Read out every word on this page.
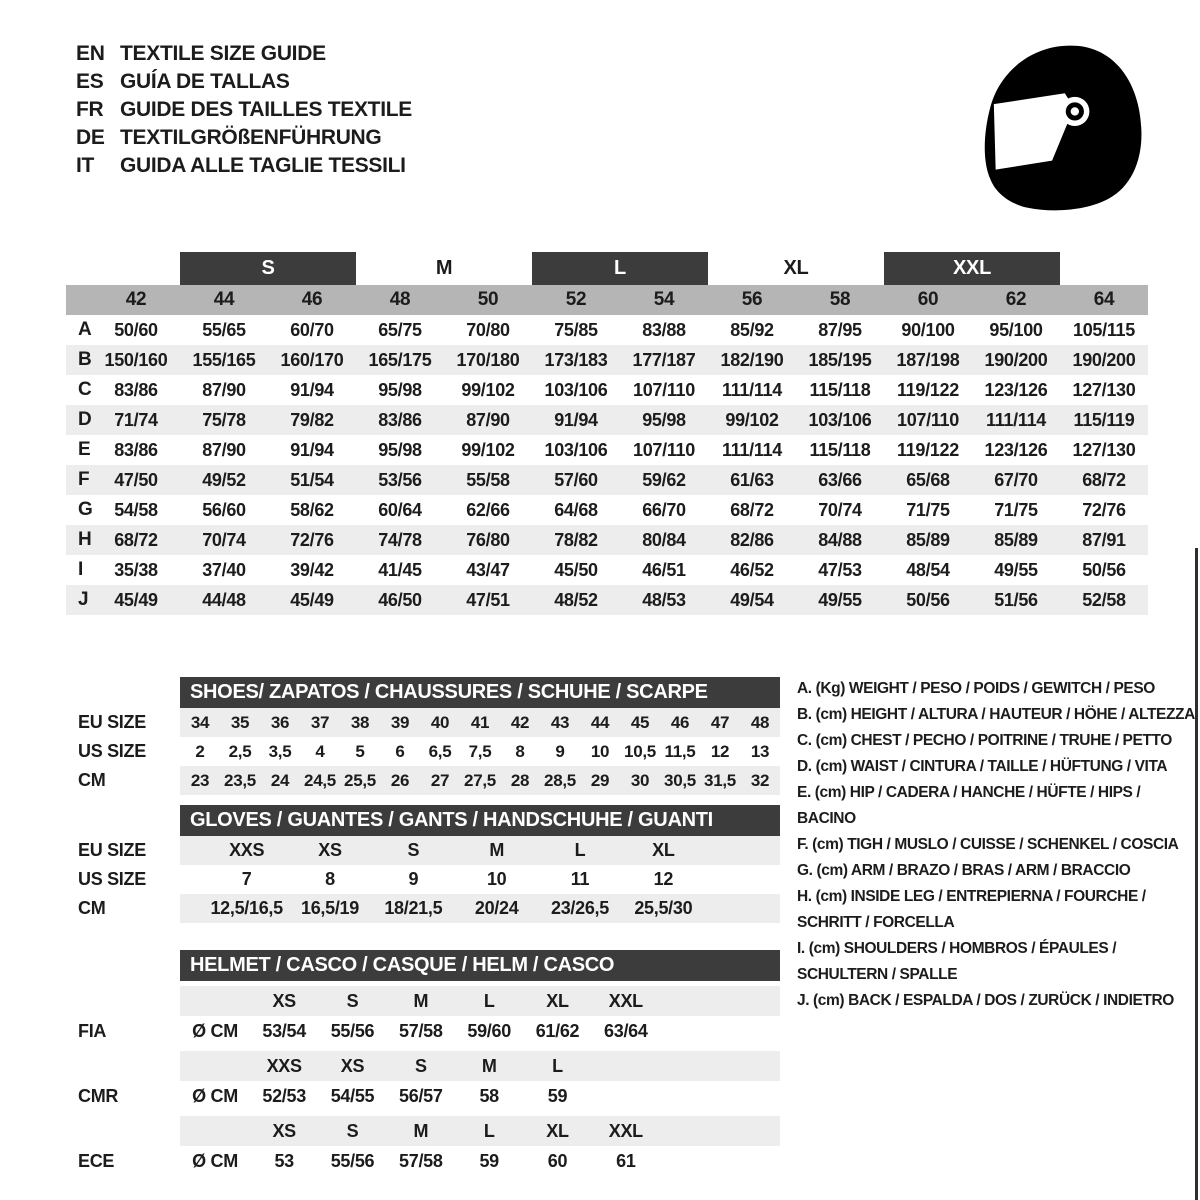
EN TEXTILE SIZE GUIDE
ES GUÍA DE TALLAS
FR GUIDE DES TAILLES TEXTILE
DE TEXTILGRÖßENFÜHRUNG
IT	GUIDA ALLE TAGLIE TESSILI
S	M	L	XL	XXL
42	44	46	48	50	52	54	56	58	60	62	64
A	50/60	55/65	60/70	65/75	70/80	75/85	83/88	85/92	87/95	90/100	95/100	105/115
B 150/160	155/165	160/170	165/175	170/180	173/183	177/187	182/190	185/195	187/198	190/200	190/200
C	83/86	87/90	91/94	95/98	99/102	103/106	107/110	111/114	115/118	119/122	123/126	127/130
D	71/74	75/78	79/82	83/86	87/90	91/94	95/98	99/102	103/106	107/110	111/114	115/119
E	83/86	87/90	91/94	95/98	99/102	103/106	107/110	111/114	115/118	119/122	123/126	127/130
F	47/50	49/52	51/54	53/56	55/58	57/60	59/62	61/63	63/66	65/68	67/70	68/72
G	54/58	56/60	58/62	60/64	62/66	64/68	66/70	68/72	70/74	71/75	71/75	72/76
H	68/72	70/74	72/76	74/78	76/80	78/82	80/84	82/86	84/88	85/89	85/89	87/91
I	35/38	37/40	39/42	41/45	43/47	45/50	46/51	46/52	47/53	48/54	49/55	50/56
J	45/49	44/48	45/49	46/50	47/51	48/52	48/53	49/54	49/55	50/56	51/56	52/58
SHOES/ ZAPATOS / CHAUSSURES / SCHUHE / SCARPE
EU SIZE	34	35	36	37	38	39	40	41	42	43	44	45	46	47	48
US SIZE	2	2,5	3,5	4	5	6	6,5	7,5	8	9	10 10,5 11,5 12	13
CM	23 23,5 24 24,5 25,5 26	27 27,5 28 28,5 29	30 30,5 31,5 32
GLOVES / GUANTES / GANTS / HANDSCHUHE / GUANTI
EU SIZE	XXS	XS	S	M	L	XL
US SIZE	7	8	9	10	11	12
CM	12,5/16,5	16,5/19	18/21,5	20/24	23/26,5	25,5/30
HELMET / CASCO / CASQUE / HELM / CASCO
XS	S	M	L	XL	XXL
FIA	Ø CM	53/54	55/56	57/58	59/60	61/62	63/64
XXS	XS	S	M	L
CMR	Ø CM	52/53	54/55	56/57	58	59
XS	S	M	L	XL	XXL
ECE	Ø CM	53	55/56	57/58	59	60	61
A. (Kg) WEIGHT / PESO / POIDS / GEWITCH / PESO
B. (cm) HEIGHT / ALTURA / HAUTEUR / HÖHE / ALTEZZA
C. (cm) CHEST / PECHO / POITRINE / TRUHE / PETTO
D. (cm) WAIST / CINTURA / TAILLE / HÜFTUNG / VITA
E. (cm) HIP / CADERA / HANCHE / HÜFTE / HIPS / BACINO
F. (cm) TIGH / MUSLO / CUISSE / SCHENKEL / COSCIA
G. (cm) ARM / BRAZO / BRAS / ARM / BRACCIO
H. (cm) INSIDE LEG / ENTREPIERNA / FOURCHE / SCHRITT / FORCELLA
I. (cm) SHOULDERS / HOMBROS / ÉPAULES / SCHULTERN / SPALLE
J. (cm) BACK / ESPALDA / DOS / ZURÜCK / INDIETRO
